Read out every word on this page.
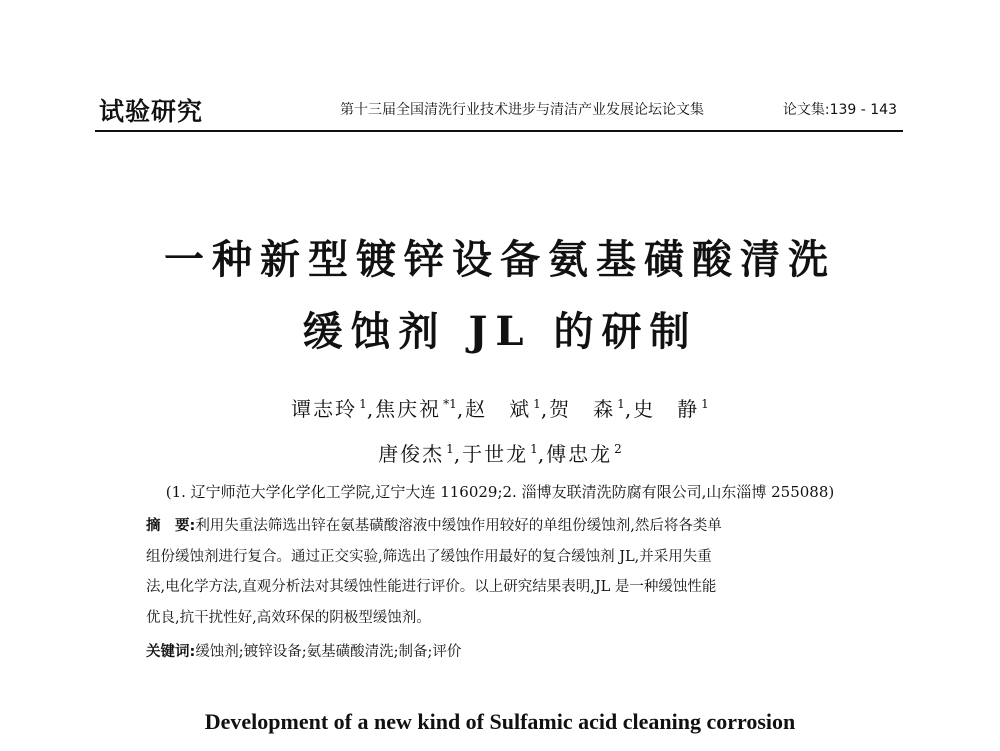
试验研究	第十三届全国清洗行业技术进步与清洁产业发展论坛论文集	论文集:139 - 143
一种新型镀锌设备氨基磺酸清洗
缓蚀剂 JL 的研制
谭志玲 $^1$,焦庆祝 $^{*1}$,赵　斌 $^1$,贺　森 $^1$,史　静 $^1$
唐俊杰 $^1$,于世龙 $^1$,傅忠龙 $^2$
(1. 辽宁师范大学化学化工学院,辽宁大连 116029;2. 淄博友联清洗防腐有限公司,山东淄博 255088)
摘　要:利用失重法筛选出锌在氨基磺酸溶液中缓蚀作用较好的单组份缓蚀剂,然后将各类单
组份缓蚀剂进行复合。通过正交实验,筛选出了缓蚀作用最好的复合缓蚀剂 JL,并采用失重
法,电化学方法,直观分析法对其缓蚀性能进行评价。以上研究结果表明,JL 是一种缓蚀性能
优良,抗干扰性好,高效环保的阴极型缓蚀剂。
关键词:缓蚀剂;镀锌设备;氨基磺酸清洗;制备;评价
Development of a new kind of Sulfamic acid cleaning corrosion
